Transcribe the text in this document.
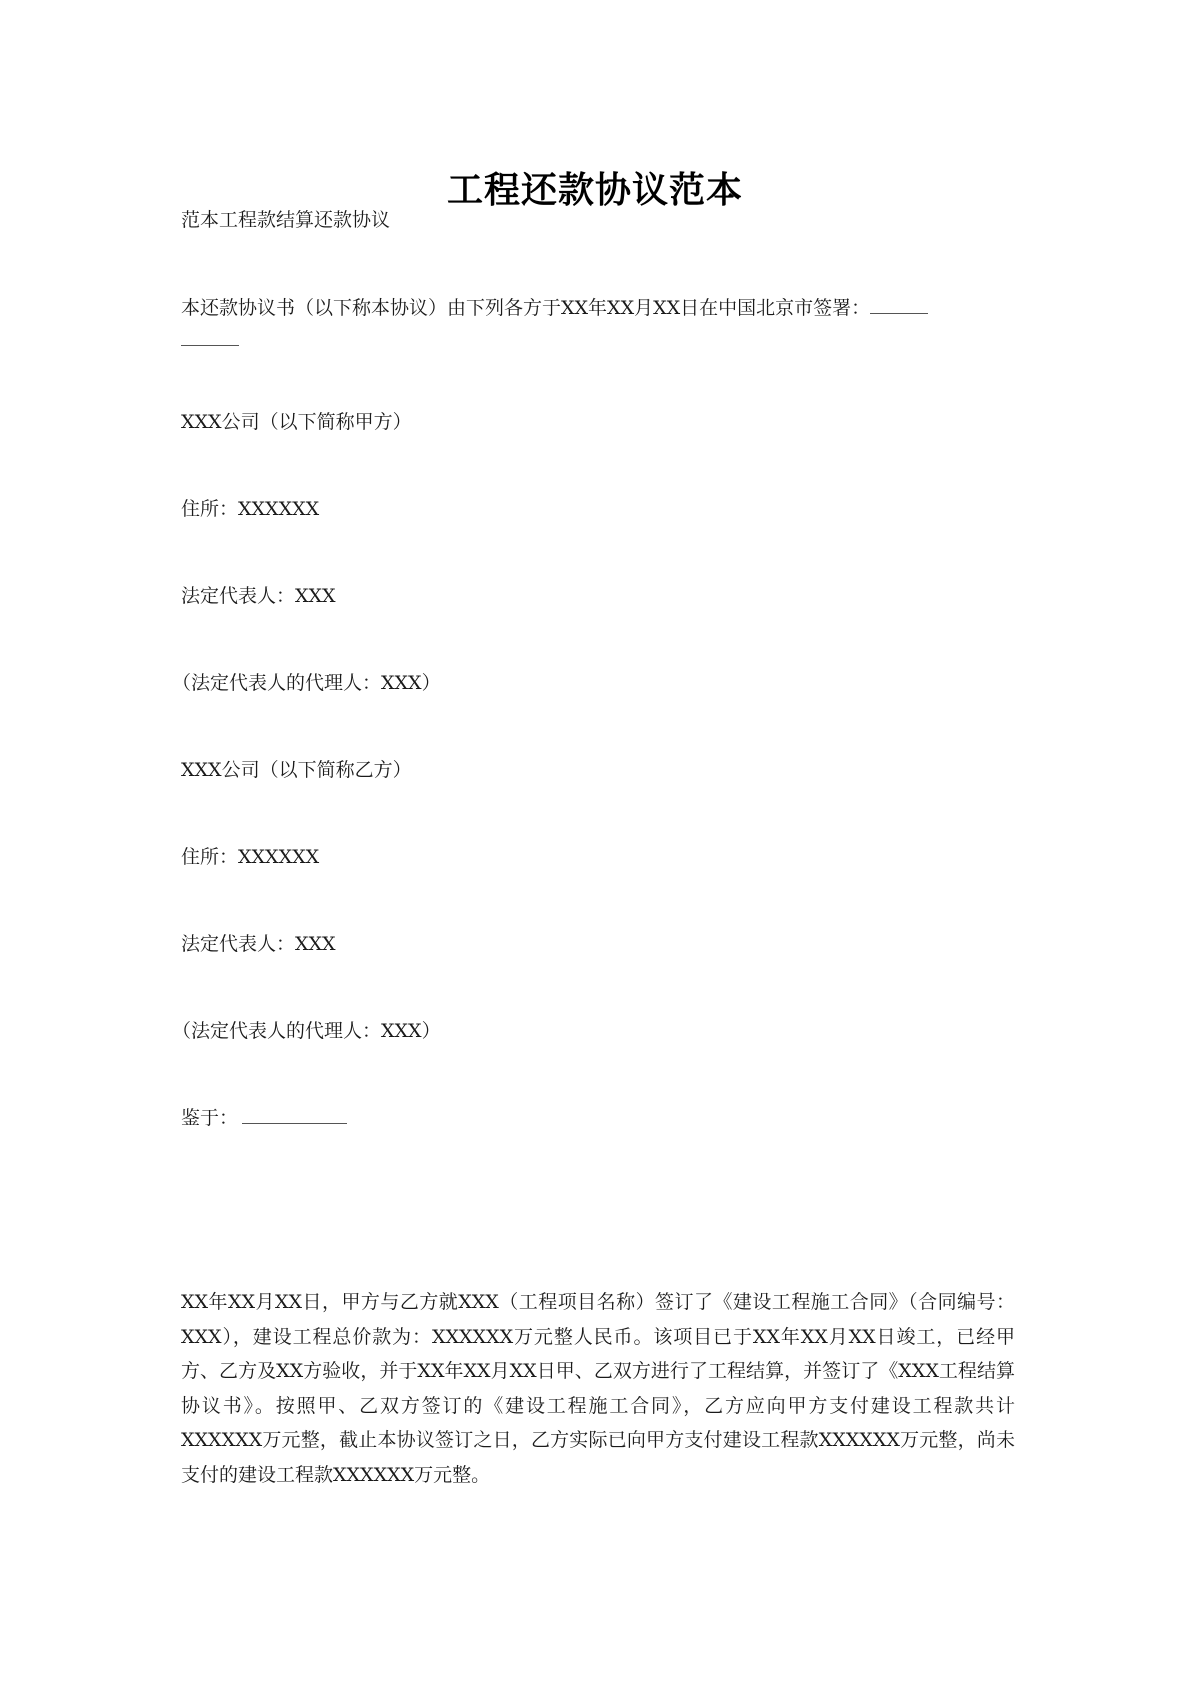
工程还款协议范本
范本工程款结算还款协议
本还款协议书（以下称本协议）由下列各方于XX年XX月XX日在中国北京市签署：
XXX公司（以下简称甲方）
住所：XXXXXX
法定代表人：XXX
（法定代表人的代理人：XXX）
XXX公司（以下简称乙方）
住所：XXXXXX
法定代表人：XXX
（法定代表人的代理人：XXX）
鉴于：
XX年XX月XX日，甲方与乙方就XXX（工程项目名称）签订了《建设工程施工合同》（合同编号：XXX），建设工程总价款为：XXXXXX万元整人民币。该项目已于XX年XX月XX日竣工，已经甲方、乙方及XX方验收，并于XX年XX月XX日甲、乙双方进行了工程结算，并签订了《XXX工程结算协议书》。按照甲、乙双方签订的《建设工程施工合同》，乙方应向甲方支付建设工程款共计XXXXXX万元整，截止本协议签订之日，乙方实际已向甲方支付建设工程款XXXXXX万元整，尚未支付的建设工程款XXXXXX万元整。
